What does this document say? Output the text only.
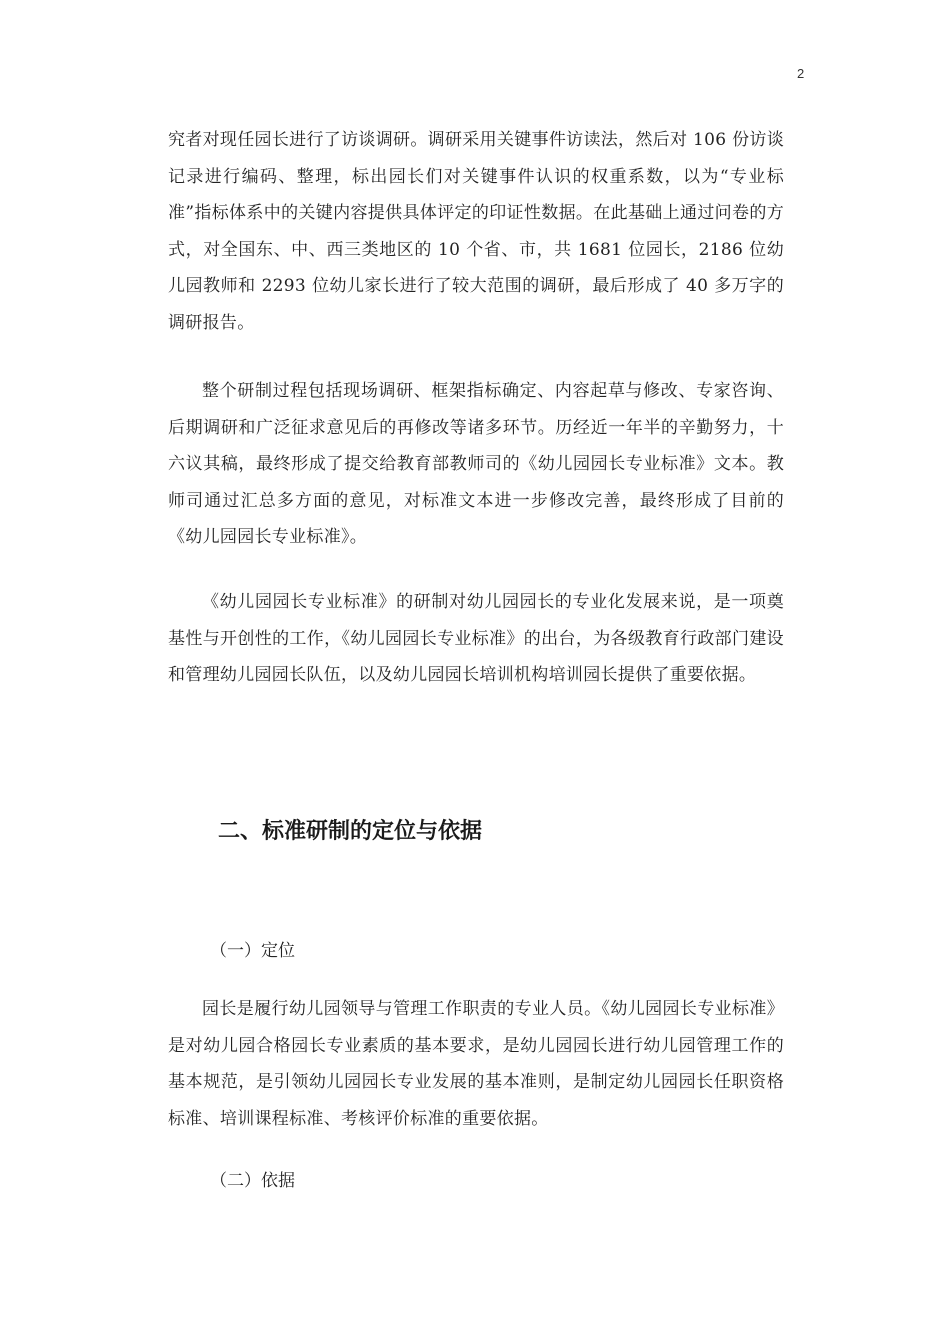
2

究者对现任园长进行了访谈调研。调研采用关键事件访读法，然后对 106 份访谈记录进行编码、整理，标出园长们对关键事件认识的权重系数，以为“专业标准”指标体系中的关键内容提供具体评定的印证性数据。在此基础上通过问卷的方式，对全国东、中、西三类地区的 10 个省、市，共 1681 位园长，2186 位幼儿园教师和 2293 位幼儿家长进行了较大范围的调研，最后形成了 40 多万字的调研报告。

整个研制过程包括现场调研、框架指标确定、内容起草与修改、专家咨询、后期调研和广泛征求意见后的再修改等诸多环节。历经近一年半的辛勤努力，十六议其稿，最终形成了提交给教育部教师司的《幼儿园园长专业标准》文本。教师司通过汇总多方面的意见，对标准文本进一步修改完善，最终形成了目前的《幼儿园园长专业标准》。

《幼儿园园长专业标准》的研制对幼儿园园长的专业化发展来说，是一项奠基性与开创性的工作，《幼儿园园长专业标准》的出台，为各级教育行政部门建设和管理幼儿园园长队伍，以及幼儿园园长培训机构培训园长提供了重要依据。

二、标准研制的定位与依据

（一）定位

园长是履行幼儿园领导与管理工作职责的专业人员。《幼儿园园长专业标准》是对幼儿园合格园长专业素质的基本要求，是幼儿园园长进行幼儿园管理工作的基本规范，是引领幼儿园园长专业发展的基本准则，是制定幼儿园园长任职资格标准、培训课程标准、考核评价标准的重要依据。

（二）依据
